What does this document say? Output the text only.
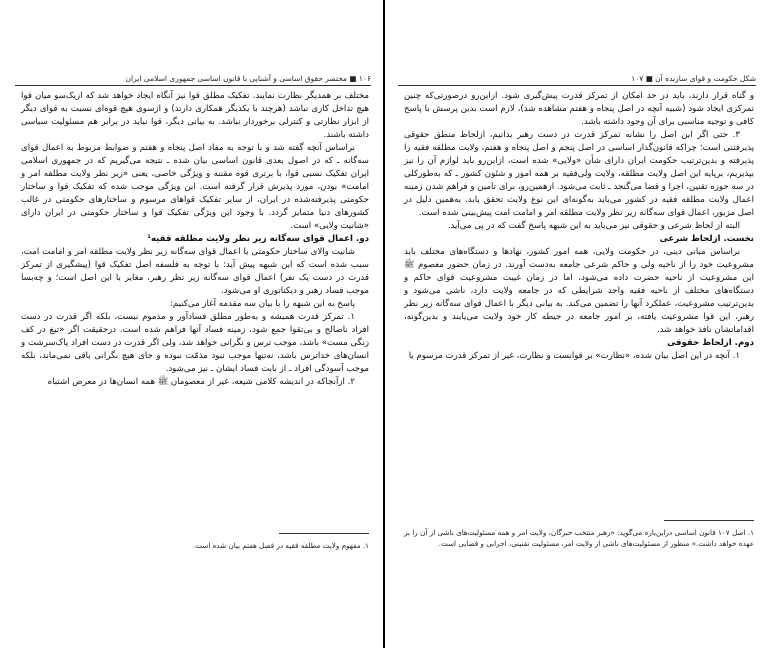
۱۰۶ ■ مختصر حقوق اساسی و آشنایی با قانون اساسی جمهوری اسلامی ایران

مختلف بر همدیگر نظارت نمایند. تفکیک مطلق قوا نیز آنگاه ایجاد خواهد شد که ازیک‌سو میان قوا هیچ تداخل کاری نباشد (هرچند با یکدیگر همکاری دارند) و ازسوی هیچ قوه‌ای نسبت به قوای دیگر از ابزار نظارتی و کنترلی برخوردار نباشد. به بیانی دیگر، قوا نباید در برابر هم مسئولیت سیاسی داشته باشند.

براساس آنچه گفته شد و با توجه به مفاد اصل پنجاه و هفتم و ضوابط مربوط به اعمال قوای سه‌گانه ـ که در اصول بعدی قانون اساسی بیان شده ـ نتیجه می‌گیریم که در جمهوری اسلامی ایران تفکیک نسبی قوا، با برتری قوه مقننه و ویژگی خاصی، یعنی «زیر نظر ولایت مطلقه امر و امامت» بودن، مورد پذیرش قرار گرفته است. این ویژگی موجب شده که تفکیک قوا و ساختار حکومتی پذیرفته‌شده در ایران، از سایر تفکیک قواهای مرسوم و ساختارهای حکومتی در غالب کشورهای دنیا متمایز گردد. با وجود این ویژگی تفکیک قوا و ساختار حکومتی در ایران دارای «شانیت ولایی» است.

دو. اعمال قوای سه‌گانه زیر نظر ولایت مطلقه فقیه¹

شانیت والای ساختار حکومتی یا اعمال قوای سه‌گانه زیر نظر ولایت مطلقه امر و امامت امت، سبب شده است که این شبهه پیش آید: با توجه به فلسفه اصل تفکیک قوا (پیشگیری از تمرکز قدرت در دست یک نفر) اعمال قوای سه‌گانه زیر نظر رهبر، مغایر با این اصل است؛ و چه‌بسا موجب فساد رهبر و دیکتاتوری او می‌شود.

پاسخ به این شبهه را با بیان سه مقدمه آغاز می‌کنیم:

۱. تمرکز قدرت همیشه و به‌طور مطلق فسادآور و مذموم نیست، بلکه اگر قدرت در دست افراد ناصالح و بی‌تقوا جمع شود، زمینه فساد آنها فراهم شده است. درحقیقت اگر «تیغ در کف زنگی مست» باشد، موجب ترس و نگرانی خواهد شد، ولی اگر قدرت در دست افراد پاک‌سرشت و انسان‌های خداترس باشد، نه‌تنها موجب نبود مذمّت نبوده و جای هیچ نگرانی باقی نمی‌ماند، بلکه موجب آسودگی افراد ـ از بابت فساد ایشان ـ نیز می‌شود.

۲. ازآنجاکه در اندیشه کلامی شیعه، غیر از معصومان ﷺ همه انسان‌ها در معرض اشتباه

۱. مفهوم ولایت مطلقه فقیه در فصل هفتم بیان شده است.

شکل حکومت و قوای سازنده آن ■ ۱۰۷

و گناه قرار دارند، باید در حد امکان از تمرکز قدرت پیش‌گیری شود. ازاین‌رو درصورتی‌که چنین تمرکزی ایجاد شود (شبیه آنچه در اصل پنجاه و هفتم مشاهده شد)، لازم است بدین پرسش با پاسخ کافی و توجیه مناسبی برای آن وجود داشته باشد.

۳. حتی اگر این اصل را نشانه تمرکز قدرت در دست رهبر بدانیم، ازلحاظ منطق حقوقی پذیرفتنی است؛ چراکه قانون‌گذار اساسی در اصل پنجم و اصل پنجاه و هفتم، ولایت مطلقه فقیه را پذیرفته و بدین‌ترتیب حکومت ایران دارای شأن «ولایی» شده است، ازاین‌رو باید لوازم آن را نیز بپذیریم، برپایه این اصل ولایت مطلقه، ولایت ولی‌فقیه بر همه امور و شئون کشور ـ که به‌طورکلی در سه حوزه تقنین، اجرا و قضا می‌گنجد ـ ثابت می‌شود. ازهمین‌رو، برای تامین و فراهم شدن زمینه اعمال ولایت مطلقه فقیه در کشور می‌باید به‌گونه‌ای این نوع ولایت تحقق یابد. به‌همین دلیل در اصل مزبور، اعمال قوای سه‌گانه زیر نظر ولایت مطلقه امر و امامت امت پیش‌بینی شده است.

البته از لحاظ شرعی و حقوقی نیز می‌باید به این شبهه پاسخ گفت که در پی می‌آید.

نخست. ازلحاظ شرعی

براساس مبانی دینی، در حکومت ولایی، همه امور کشور، نهادها و دستگاه‌های مختلف باید مشروعیت خود را از ناحیه ولی و حاکم شرعی جامعه به‌دست آورند. در زمان حضور معصوم ﷺ این مشروعیت از ناحیه حضرت داده می‌شود، اما در زمان غیبت مشروعیت قوای حاکم و دستگاه‌های مختلف از ناحیه فقیه واجد شرایطی که در جامعه ولایت دارد، ناشی می‌شود و بدین‌ترتیب مشروعیت، عملکرد آنها را تضمین می‌کند. به بیانی دیگر با اعمال قوای سه‌گانه زیر نظر رهبر، این قوا مشروعیت یافته، بر امور جامعه در حیطه کار خود ولایت می‌یابند و بدین‌گونه، اقداماتشان نافذ خواهد شد.

دوم. ازلحاظ حقوقی

۱. آنچه در این اصل بیان شده، «نظارت» بر قوانست و نظارت، غیر از تمرکز قدرت مرسوم یا

۱. اصل ۱۰۷ قانون اساسی دراین‌باره می‌گوید: «رهبر منتخب خبرگان، ولایت امر و همه مسئولیت‌های ناشی از آن را بر عهده خواهد داشت.» منظور از مسئولیت‌های ناشی از ولایت امر، مسئولیت تقنینی، اجرایی و قضایی است.
